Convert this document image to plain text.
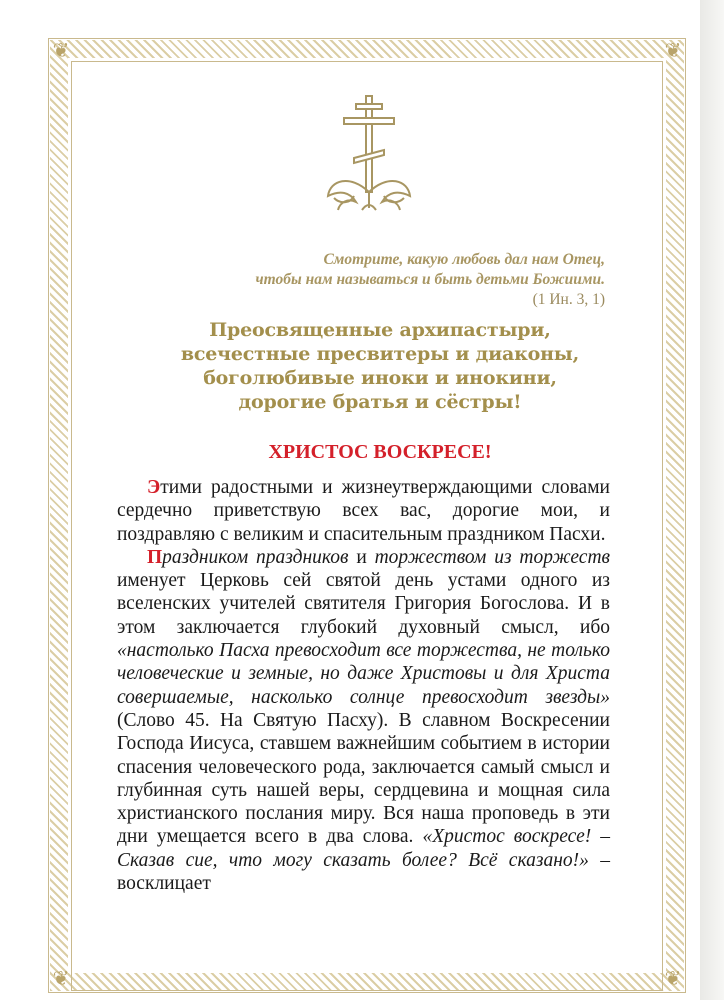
❦	❦
❦	❦
Смотрите, какую любовь дал нам Отец,
чтобы нам называться и быть детьми Божиими.
(1 Ин. 3, 1)
Преосвященные архипастыри,
всечестные пресвитеры и диаконы,
боголюбивые иноки и инокини,
дорогие братья и сёстры!
ХРИСТОС ВОСКРЕСЕ!

Этими радостными и жизнеутверждающими словами сердечно приветствую всех вас, дорогие мои, и поздравляю с великим и спасительным праздником Пасхи.

Праздником праздников и торжеством из торжеств именует Церковь сей святой день устами одного из вселенских учителей святителя Григория Богослова. И в этом заключается глубокий духовный смысл, ибо «настолько Пасха превосходит все торжества, не только человеческие и земные, но даже Христовы и для Христа совершаемые, насколько солнце превосходит звезды» (Слово 45. На Святую Пасху). В славном Воскресении Господа Иисуса, ставшем важнейшим событием в истории спасения человеческого рода, заключается самый смысл и глубинная суть нашей веры, сердцевина и мощная сила христианского послания миру. Вся наша проповедь в эти дни умещается всего в два слова. «Христос воскресе! – Сказав сие, что могу сказать более? Всё сказано!» – восклицает
